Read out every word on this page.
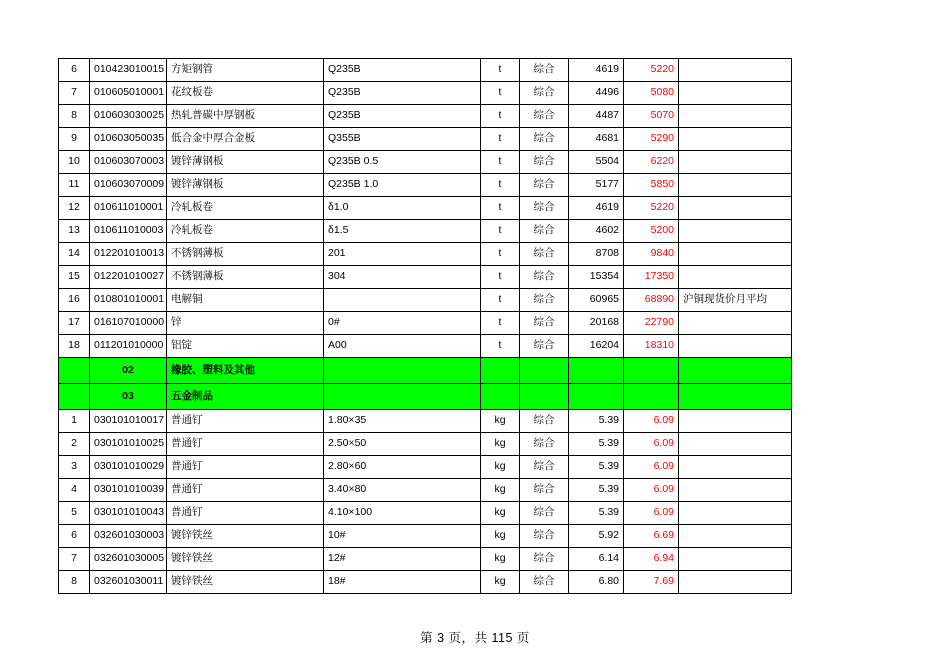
6	010423010015	方矩钢管	Q235B	t	综合	4619	5220	
7	010605010001	花纹板卷	Q235B	t	综合	4496	5080	
8	010603030025	热轧普碳中厚钢板	Q235B	t	综合	4487	5070	
9	010603050035	低合金中厚合金板	Q355B	t	综合	4681	5290	
10	010603070003	镀锌薄钢板	Q235B 0.5	t	综合	5504	6220	
11	010603070009	镀锌薄钢板	Q235B 1.0	t	综合	5177	5850	
12	010611010001	冷轧板卷	δ1.0	t	综合	4619	5220	
13	010611010003	冷轧板卷	δ1.5	t	综合	4602	5200	
14	012201010013	不锈钢薄板	201	t	综合	8708	9840	
15	012201010027	不锈钢薄板	304	t	综合	15354	17350	
16	010801010001	电解铜		t	综合	60965	68890	沪铜现货价月平均
17	016107010000	锌	0#	t	综合	20168	22790	
18	011201010000	铝锭	A00	t	综合	16204	18310	
	02	橡胶、塑料及其他						
	03	五金制品						
1	030101010017	普通钉	1.80×35	kg	综合	5.39	6.09	
2	030101010025	普通钉	2.50×50	kg	综合	5.39	6.09	
3	030101010029	普通钉	2.80×60	kg	综合	5.39	6.09	
4	030101010039	普通钉	3.40×80	kg	综合	5.39	6.09	
5	030101010043	普通钉	4.10×100	kg	综合	5.39	6.09	
6	032601030003	镀锌铁丝	10#	kg	综合	5.92	6.69	
7	032601030005	镀锌铁丝	12#	kg	综合	6.14	6.94	
8	032601030011	镀锌铁丝	18#	kg	综合	6.80	7.69	
第 3 页，共 115 页
